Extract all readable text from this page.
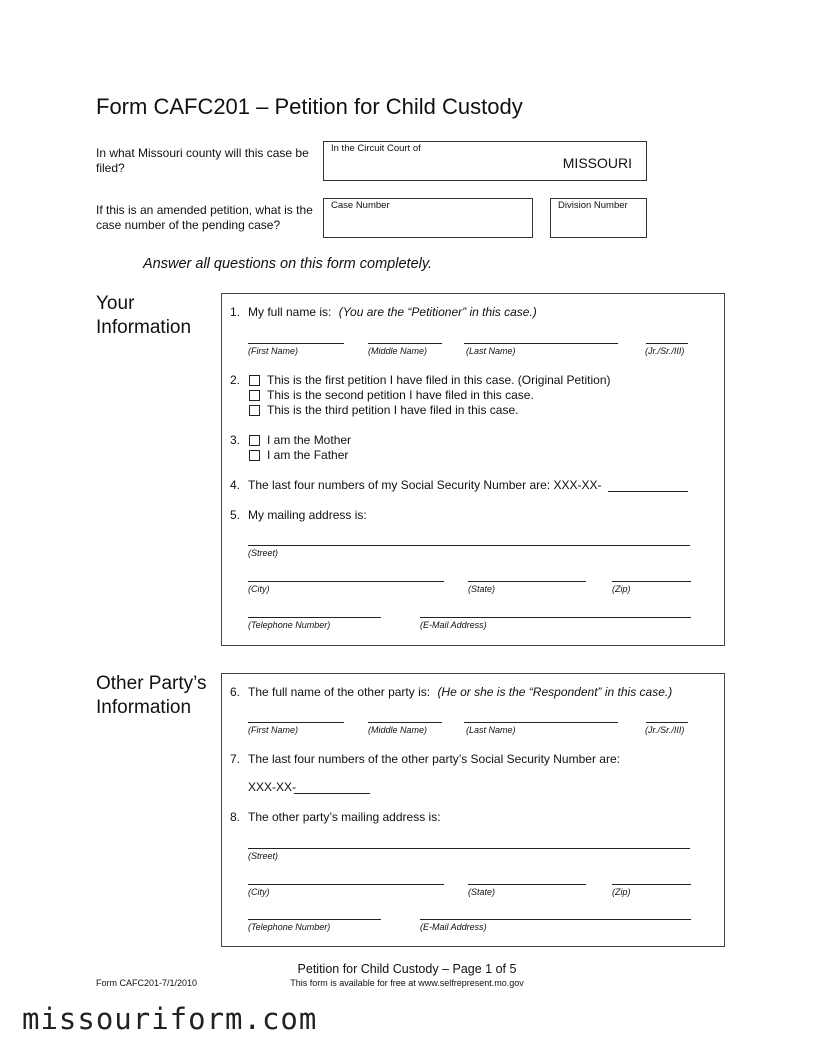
Form CAFC201 – Petition for Child Custody
In what Missouri county will this case be filed?
In the Circuit Court of
MISSOURI
If this is an amended petition, what is the case number of the pending case?
Case Number	Division Number
Answer all questions on this form completely.
Your
Information
1. My full name is: (You are the “Petitioner” in this case.)
(First Name)	(Middle Name)	(Last Name)	(Jr./Sr./III)
2. This is the first petition I have filed in this case. (Original Petition)
This is the second petition I have filed in this case.
This is the third petition I have filed in this case.
3. I am the Mother
I am the Father
4. The last four numbers of my Social Security Number are: XXX-XX-
5. My mailing address is:
(Street)
(City)	(State)	(Zip)
(Telephone Number)	(E-Mail Address)
Other Party’s
Information
6. The full name of the other party is: (He or she is the “Respondent” in this case.)
(First Name)	(Middle Name)	(Last Name)	(Jr./Sr./III)
7. The last four numbers of the other party’s Social Security Number are:
XXX-XX-
8. The other party’s mailing address is:
(Street)
(City)	(State)	(Zip)
(Telephone Number)	(E-Mail Address)
Petition for Child Custody – Page 1 of 5
Form CAFC201-7/1/2010	This form is available for free at www.selfrepresent.mo.gov
missouriform.com
